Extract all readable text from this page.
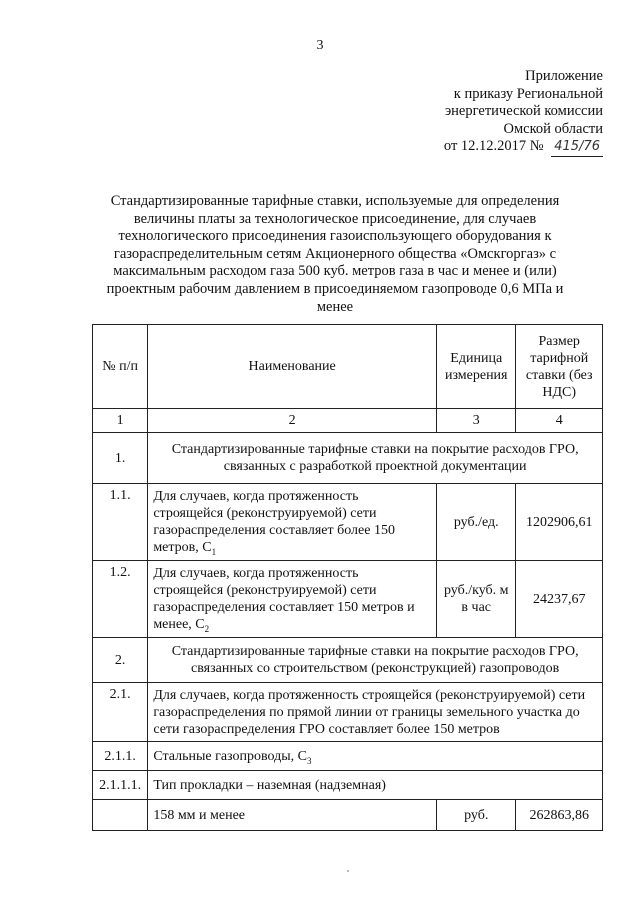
3
Приложение
к приказу Региональной
энергетической комиссии
Омской области
от 12.12.2017 № 415/76
Стандартизированные тарифные ставки, используемые для определения величины платы за технологическое присоединение, для случаев технологического присоединения газоиспользующего оборудования к газораспределительным сетям Акционерного общества «Омскгоргаз» с максимальным расходом газа 500 куб. метров газа в час и менее и (или) проектным рабочим давлением в присоединяемом газопроводе 0,6 МПа и менее
№ п/п	Наименование	Единица измерения	Размер тарифной ставки (без НДС)
1	2	3	4
1.	Стандартизированные тарифные ставки на покрытие расходов ГРО, связанных с разработкой проектной документации		
1.1.	Для случаев, когда протяженность строящейся (реконструируемой) сети газораспределения составляет более 150 метров, $С_1$	руб./ед.	1202906,61
1.2.	Для случаев, когда протяженность строящейся (реконструируемой) сети газораспределения составляет 150 метров и менее, $С_2$	руб./куб. м в час	24237,67
2.	Стандартизированные тарифные ставки на покрытие расходов ГРО, связанных со строительством (реконструкцией) газопроводов		
2.1.	Для случаев, когда протяженность строящейся (реконструируемой) сети газораспределения по прямой линии от границы земельного участка до сети газораспределения ГРО составляет более 150 метров		
2.1.1.	Стальные газопроводы, $С_3$
2.1.1.1.	Тип прокладки – наземная (надземная)		
	158 мм и менее	руб.	262863,86
